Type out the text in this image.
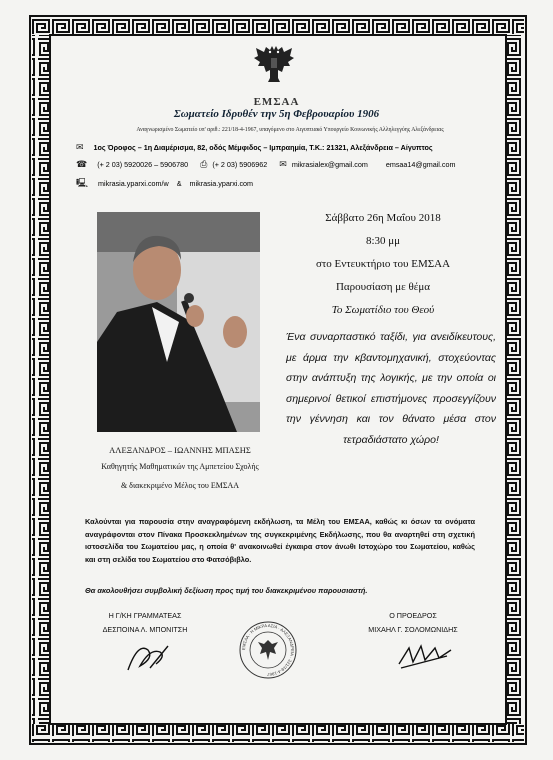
ΕΜΣΑΑ
Σωματείο Ιδρυθέν την 5η Φεβρουαρίου 1906
Αναγνωρισμένο Σωματείο υπ' αριθ.: 221/18-4-1967, υπαγόμενο στο Αιγυπτιακό Υπουργείο Κοινωνικής Αλληλεγγύης Αλεξάνδρειας
✉ 1ος Όροφος – 1η Διαμέρισμα, 82, οδός Μέμφιδος – Ιμπραημία, Τ.Κ.: 21321, Αλεξάνδρεια – Αίγυπτος
☎ (+ 2 03) 5920026 – 5906780 ⎙ (+ 2 03) 5906962 ✉ mikrasialex@gmail.com	emsaa14@gmail.com
🖳 mikrasia.yparxi.com/w & mikrasia.yparxi.com
ΑΛΕΞΑΝΔΡΟΣ – ΙΩΑΝΝΗΣ ΜΠΑΣΗΣ
Καθηγητής Μαθηματικών της Αμπετείου Σχολής
& διακεκριμένο Μέλος του ΕΜΣΑΑ
Σάββατο 26η Μαΐου 2018
8:30 μμ
στο Εντευκτήριο του ΕΜΣΑΑ
Παρουσίαση με θέμα
Το Σωματίδιο του Θεού
Ένα συναρπαστικό ταξίδι, για ανειδίκευτους, με άρμα την κβαντομηχανική, στοχεύοντας στην ανάπτυξη της λογικής, με την οποία οι σημερινοί θετικοί επιστήμονες προσεγγίζουν την γέννηση και τον θάνατο μέσα στον τετραδιάστατο χώρο!
Καλούνται για παρουσία στην αναγραφόμενη εκδήλωση, τα Μέλη του ΕΜΣΑΑ, καθώς κι όσων τα ονόματα αναγράφονται στον Πίνακα Προσκεκλημένων της συγκεκριμένης Εκδήλωσης, που θα αναρτηθεί στη σχετική ιστοσελίδα του Σωματείου μας, η οποία θ' ανακοινωθεί έγκαιρα στον άνωθι Ιστοχώρο του Σωματείου, καθώς και στη σελίδα του Σωματείου στο Φατσόβιβλο.
Θα ακολουθήσει συμβολική δεξίωση προς τιμή του διακεκριμένου παρουσιαστή.
Η Γ/ΚΗ ΓΡΑΜΜΑΤΕΑΣ
ΔΕΣΠΟΙΝΑ Λ. ΜΠΟΝΙΤΣΗ
Ο ΠΡΟΕΔΡΟΣ
ΜΙΧΑΗΛ Γ. ΣΟΛΟΜΩΝΙΔΗΣ
ΕΜΣΑΑ · Η ΜΙΚΡΑ ΑΣΙΑ · ΑΛΕΞΑΝΔΡΕΙΑ · 221/18-4-1967
